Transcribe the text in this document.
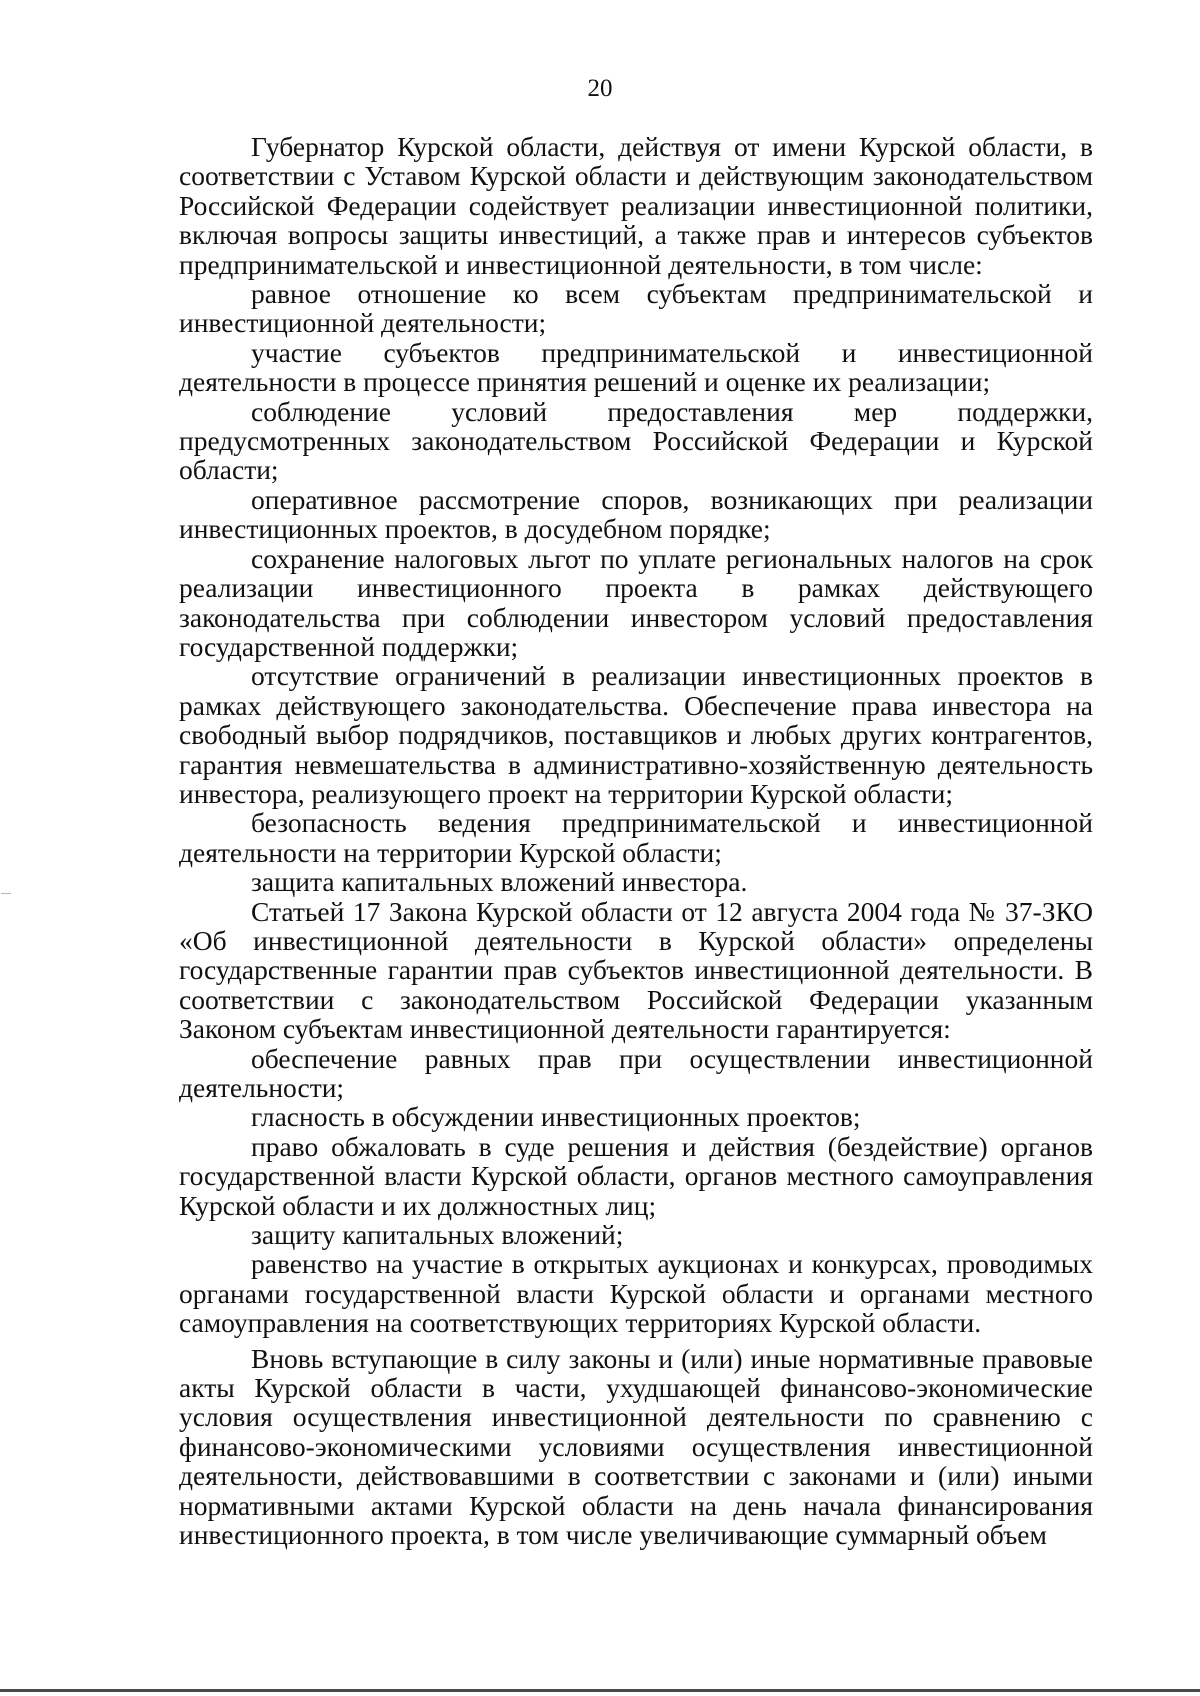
20

Губернатор Курской области, действуя от имени Курской области, в соответствии с Уставом Курской области и действующим законодательством Российской Федерации содействует реализации инвестиционной политики, включая вопросы защиты инвестиций, а также прав и интересов субъектов предпринимательской и инвестиционной деятельности, в том числе:

равное отношение ко всем субъектам предпринимательской и инвестиционной деятельности;

участие субъектов предпринимательской и инвестиционной деятельности в процессе принятия решений и оценке их реализации;

соблюдение условий предоставления мер поддержки, предусмотренных законодательством Российской Федерации и Курской области;

оперативное рассмотрение споров, возникающих при реализации инвестиционных проектов, в досудебном порядке;

сохранение налоговых льгот по уплате региональных налогов на срок реализации инвестиционного проекта в рамках действующего законодательства при соблюдении инвестором условий предоставления государственной поддержки;

отсутствие ограничений в реализации инвестиционных проектов в рамках действующего законодательства. Обеспечение права инвестора на свободный выбор подрядчиков, поставщиков и любых других контрагентов, гарантия невмешательства в административно-хозяйственную деятельность инвестора, реализующего проект на территории Курской области;

безопасность ведения предпринимательской и инвестиционной деятельности на территории Курской области;

защита капитальных вложений инвестора.

Статьей 17 Закона Курской области от 12 августа 2004 года № 37-ЗКО «Об инвестиционной деятельности в Курской области» определены государственные гарантии прав субъектов инвестиционной деятельности. В соответствии с законодательством Российской Федерации указанным Законом субъектам инвестиционной деятельности гарантируется:

обеспечение равных прав при осуществлении инвестиционной деятельности;

гласность в обсуждении инвестиционных проектов;

право обжаловать в суде решения и действия (бездействие) органов государственной власти Курской области, органов местного самоуправления Курской области и их должностных лиц;

защиту капитальных вложений;

равенство на участие в открытых аукционах и конкурсах, проводимых органами государственной власти Курской области и органами местного самоуправления на соответствующих территориях Курской области.

Вновь вступающие в силу законы и (или) иные нормативные правовые акты Курской области в части, ухудшающей финансово-экономические условия осуществления инвестиционной деятельности по сравнению с финансово-экономическими условиями осуществления инвестиционной деятельности, действовавшими в соответствии с законами и (или) иными нормативными актами Курской области на день начала финансирования инвестиционного проекта, в том числе увеличивающие суммарный объем
